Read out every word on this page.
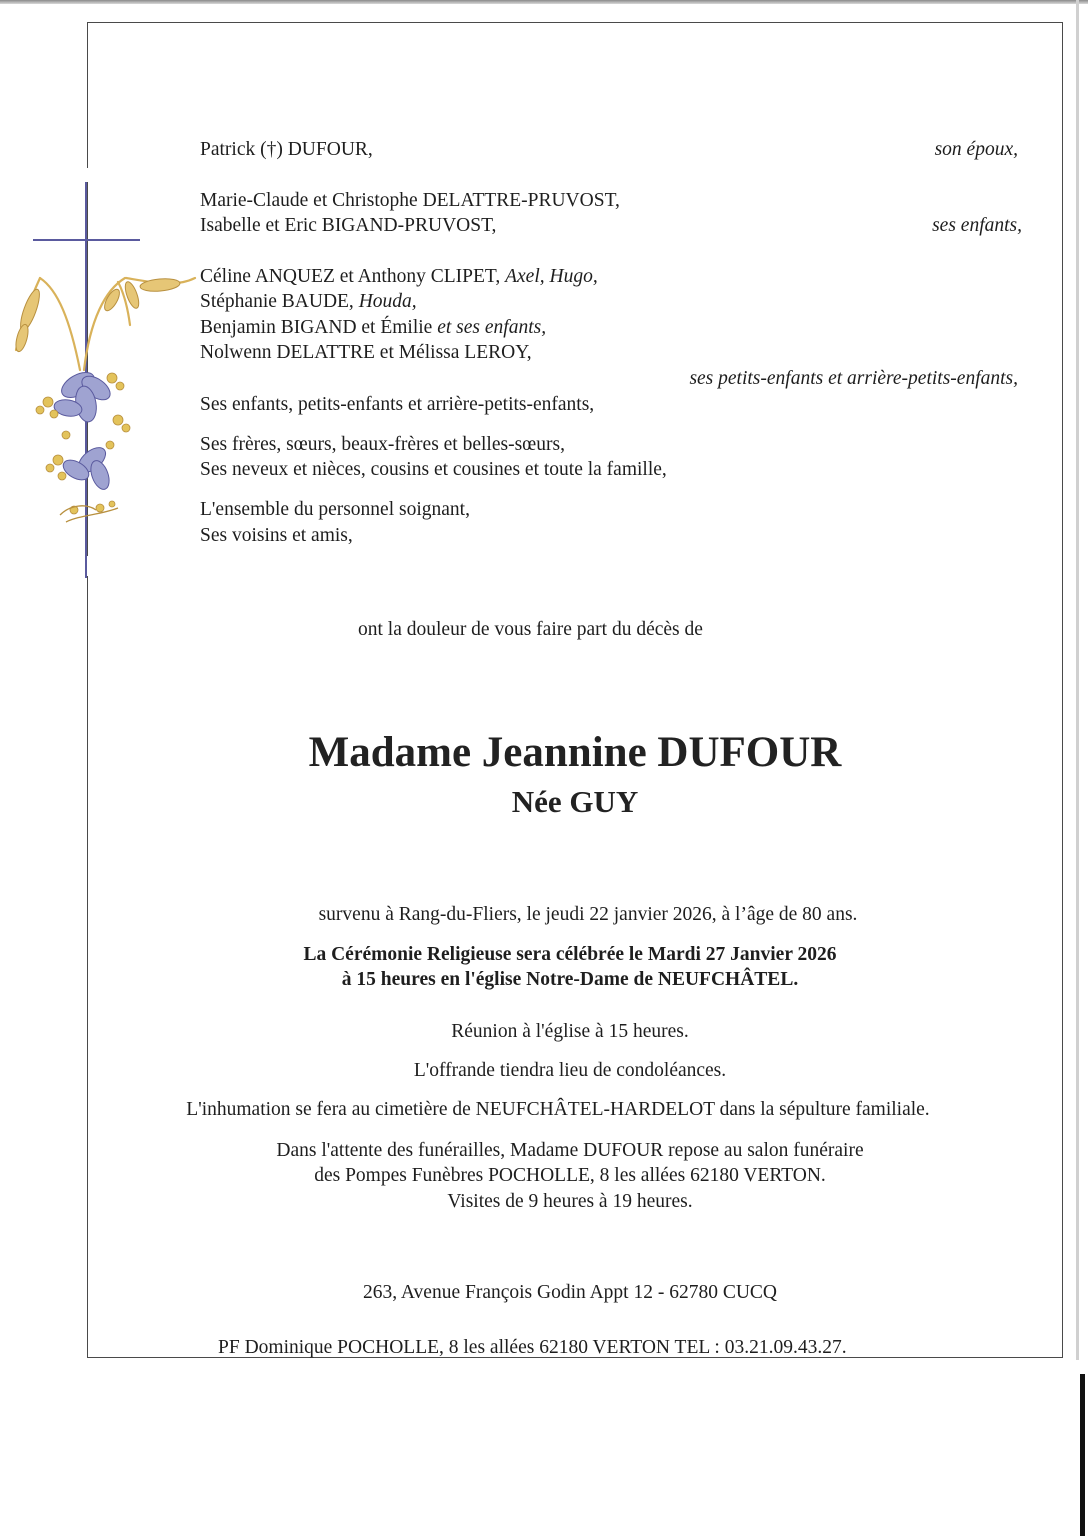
Patrick (†) DUFOUR,	son époux,
Marie-Claude et Christophe DELATTRE-PRUVOST,
Isabelle et Eric BIGAND-PRUVOST,	ses enfants,
Céline ANQUEZ et Anthony CLIPET, Axel, Hugo,
Stéphanie BAUDE, Houda,
Benjamin BIGAND et Émilie et ses enfants,
Nolwenn DELATTRE et Mélissa LEROY,
ses petits-enfants et arrière-petits-enfants,
Ses enfants, petits-enfants et arrière-petits-enfants,
Ses frères, sœurs, beaux-frères et belles-sœurs,
Ses neveux et nièces, cousins et cousines et toute la famille,
L'ensemble du personnel soignant,
Ses voisins et amis,
ont la douleur de vous faire part du décès de
Madame Jeannine DUFOUR
Née GUY
survenu à Rang-du-Fliers, le jeudi 22 janvier 2026, à l’âge de 80 ans.
La Cérémonie Religieuse sera célébrée le Mardi 27 Janvier 2026
à 15 heures en l'église Notre-Dame de NEUFCHÂTEL.
Réunion à l'église à 15 heures.
L'offrande tiendra lieu de condoléances.
L'inhumation se fera au cimetière de NEUFCHÂTEL-HARDELOT dans la sépulture familiale.
Dans l'attente des funérailles, Madame DUFOUR repose au salon funéraire
des Pompes Funèbres POCHOLLE, 8 les allées 62180 VERTON.
Visites de 9 heures à 19 heures.
263, Avenue François Godin Appt 12 - 62780 CUCQ
PF Dominique POCHOLLE, 8 les allées 62180 VERTON TEL : 03.21.09.43.27.
